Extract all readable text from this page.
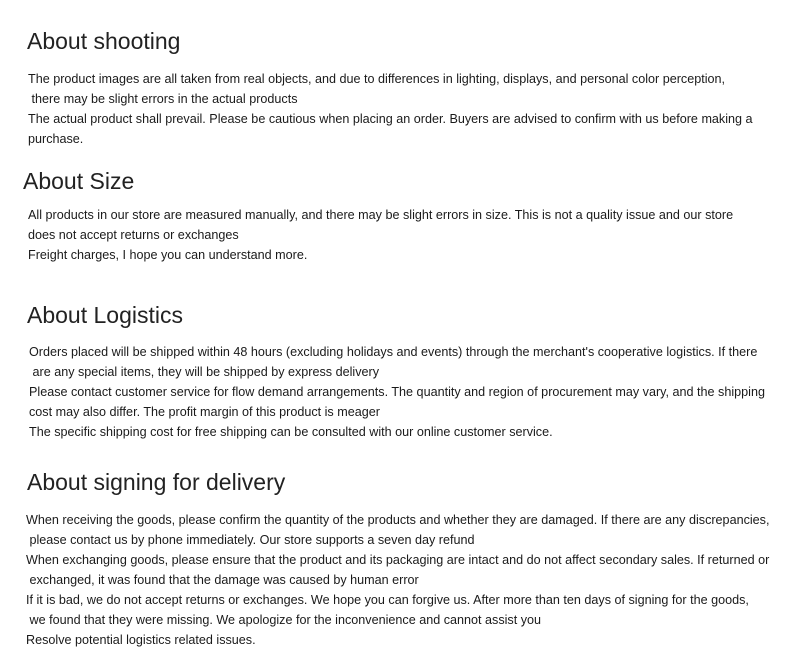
About shooting

The product images are all taken from real objects, and due to differences in lighting, displays, and personal color perception,

there may be slight errors in the actual products

The actual product shall prevail. Please be cautious when placing an order. Buyers are advised to confirm with us before making a

purchase.

About Size

All products in our store are measured manually, and there may be slight errors in size. This is not a quality issue and our store

does not accept returns or exchanges

Freight charges, I hope you can understand more.

About Logistics

Orders placed will be shipped within 48 hours (excluding holidays and events) through the merchant's cooperative logistics. If there

are any special items, they will be shipped by express delivery

Please contact customer service for flow demand arrangements. The quantity and region of procurement may vary, and the shipping

cost may also differ. The profit margin of this product is meager

The specific shipping cost for free shipping can be consulted with our online customer service.

About signing for delivery

When receiving the goods, please confirm the quantity of the products and whether they are damaged. If there are any discrepancies,

please contact us by phone immediately. Our store supports a seven day refund

When exchanging goods, please ensure that the product and its packaging are intact and do not affect secondary sales. If returned or

exchanged, it was found that the damage was caused by human error

If it is bad, we do not accept returns or exchanges. We hope you can forgive us. After more than ten days of signing for the goods,

we found that they were missing. We apologize for the inconvenience and cannot assist you

Resolve potential logistics related issues.
